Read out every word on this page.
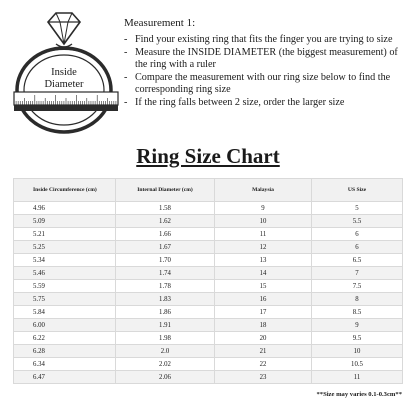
Inside
Diameter

Measurement 1:

- Find your existing ring that fits the finger you are trying to size
- Measure the INSIDE DIAMETER (the biggest measurement) of the ring with a ruler
- Compare the measurement with our ring size below to find the corresponding ring size
- If the ring falls between 2 size, order the larger size
Ring Size Chart
Inside Circumference (cm)	Internal Diameter (cm)	Malaysia	US Size
4.96	1.58	9	5
5.09	1.62	10	5.5
5.21	1.66	11	6
5.25	1.67	12	6
5.34	1.70	13	6.5
5.46	1.74	14	7
5.59	1.78	15	7.5
5.75	1.83	16	8
5.84	1.86	17	8.5
6.00	1.91	18	9
6.22	1.98	20	9.5
6.28	2.0	21	10
6.34	2.02	22	10.5
6.47	2.06	23	11
**Size may varies 0.1-0.3cm**
